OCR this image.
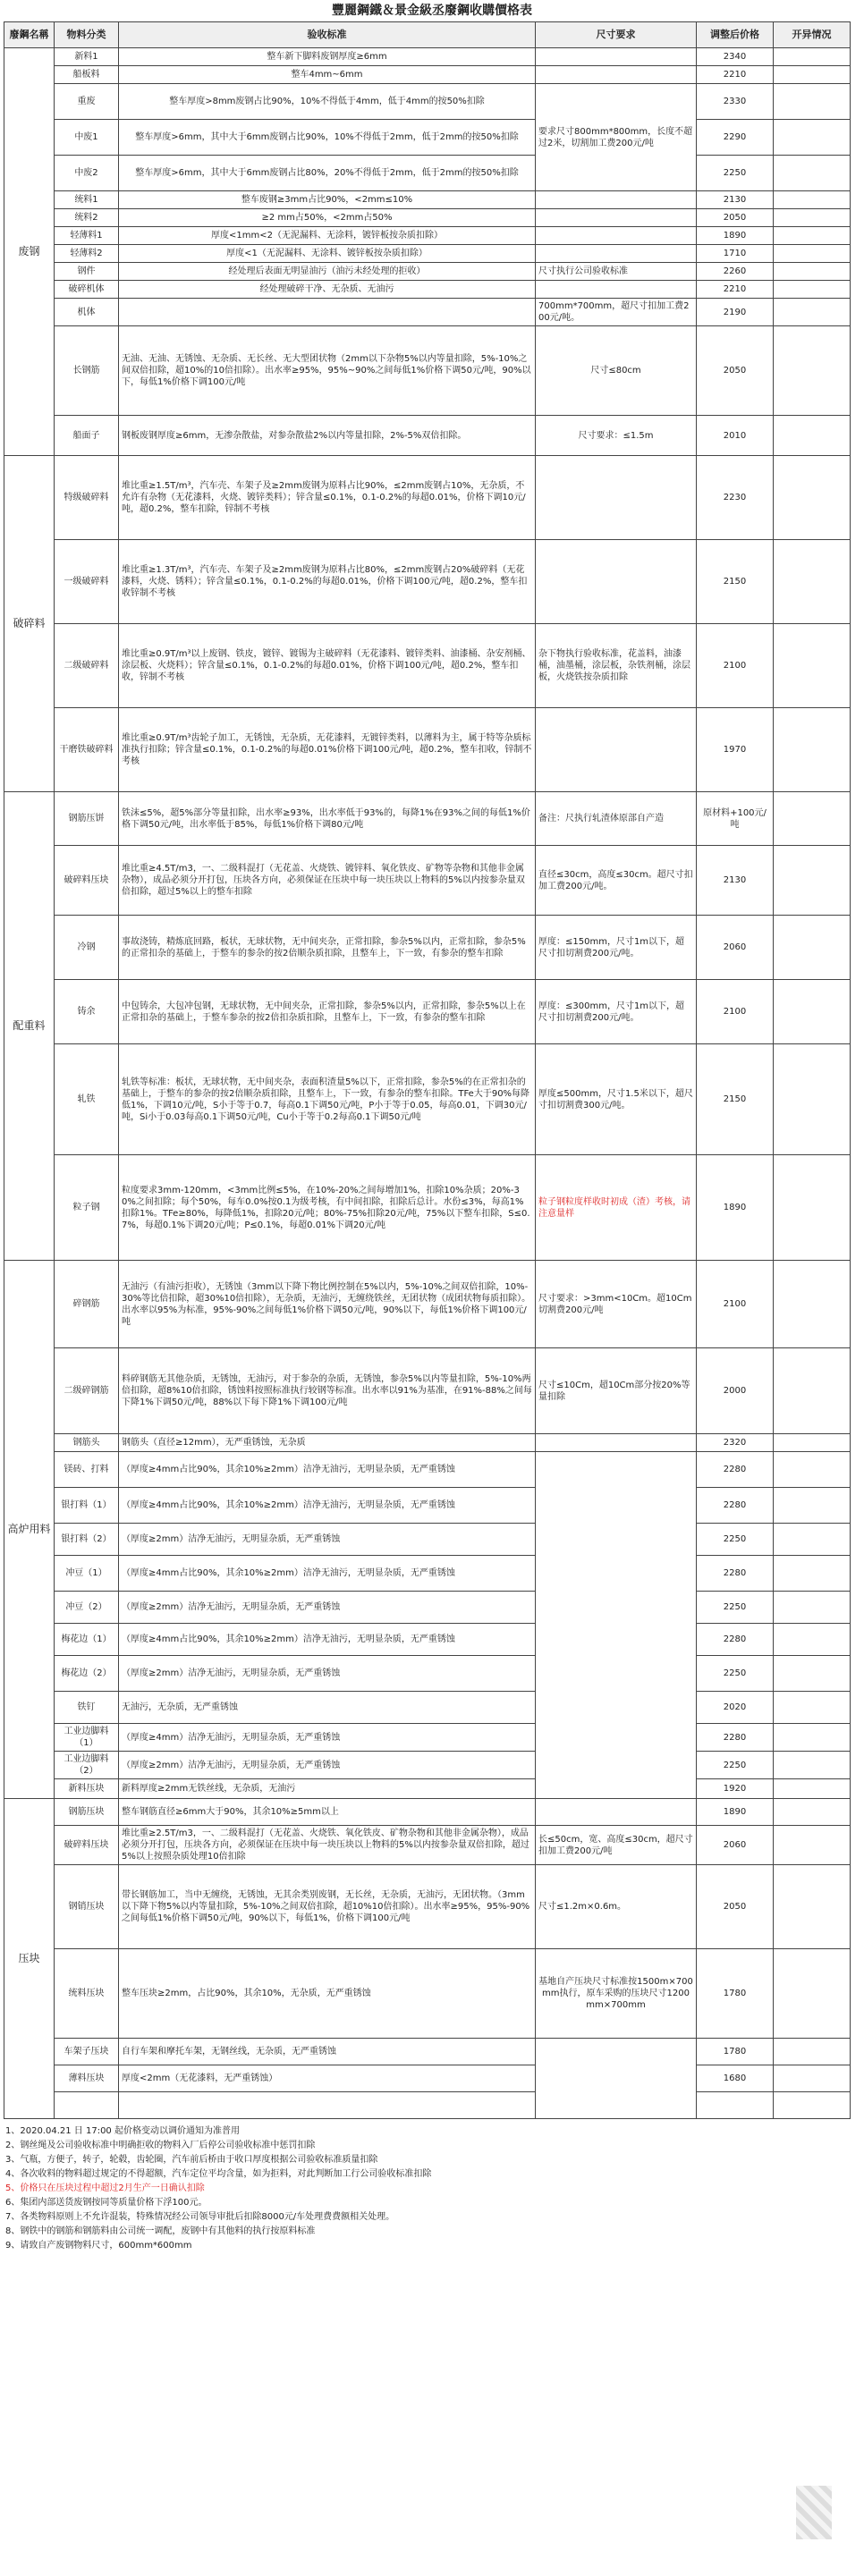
豐麗鋼鐵＆景金級丞廢鋼收購價格表
廢鋼名稱	物料分类	验收标准	尺寸要求	调整后价格	开异情况
废钢	新料1	整车新下脚料废钢厚度≥6mm		2340	
	船板料	整车4mm~6mm		2210	
	重废	整车厚度>8mm废钢占比90%，10%不得低于4mm，低于4mm的按50%扣除	要求尺寸800mm*800mm，长度不超过2米，切割加工费200元/吨	2330	
	中废1	整车厚度>6mm，其中大于6mm废钢占比90%，10%不得低于2mm，低于2mm的按50%扣除		2290	
	中废2	整车厚度>6mm，其中大于6mm废钢占比80%，20%不得低于2mm，低于2mm的按50%扣除		2250	
	统料1	整车废钢≥3mm占比90%，<2mm≤10%		2130	
	统料2	≥2 mm占50%，<2mm占50%		2050	
	轻薄料1	厚度<1mm<2（无泥漏料、无涂料，镀锌板按杂质扣除）		1890	
	轻薄料2	厚度<1（无泥漏料、无涂料、镀锌板按杂质扣除）		1710	
	钢件	经处理后表面无明显油污（油污未经处理的拒收）	尺寸执行公司验收标准	2260	
	破碎机体	经处理破碎干净、无杂质、无油污		2210	
	机体		700mm*700mm，超尺寸扣加工费200元/吨。	2190	
	长钢筋	无油、无油、无锈蚀、无杂质、无长丝、无大型团状物（2mm以下杂物5%以内等量扣除，5%-10%之间双倍扣除，超10%的10倍扣除）。出水率≥95%，95%~90%之间每低1%价格下调50元/吨，90%以下，每低1%价格下调100元/吨	尺寸≤80cm	2050	
	船面子	钢板废钢厚度≥6mm，无渗杂散盐，对参杂散盐2%以内等量扣除，2%-5%双倍扣除。	尺寸要求：≤1.5m	2010	
破碎料	特级破碎料	堆比重≥1.5T/m³，汽车壳、车架子及≥2mm废钢为原料占比90%，≤2mm废钢占10%，无杂质，不允许有杂物（无花漆料，火烧、镀锌类料）；锌含量≤0.1%，0.1-0.2%的每超0.01%，价格下调10元/吨，超0.2%，整车扣除，锌制不考核		2230	
	一级破碎料	堆比重≥1.3T/m³，汽车壳、车架子及≥2mm废钢为原料占比80%，≤2mm废钢占20%破碎料（无花漆料，火烧、锈料）；锌含量≤0.1%，0.1-0.2%的每超0.01%，价格下调100元/吨，超0.2%，整车扣收锌制不考核		2150	
	二级破碎料	堆比重≥0.9T/m³以上废钢、铁皮，镀锌、镀锡为主破碎料（无花漆料、镀锌类料、油漆桶、杂安剂桶、涂层板、火烧料）；锌含量≤0.1%，0.1-0.2%的每超0.01%，价格下调100元/吨，超0.2%，整车扣收，锌制不考核	杂下物执行验收标准，花盖料，油漆桶，油墨桶，涂层板，杂铁剂桶，涂层板，火烧铁按杂质扣除	2100	
	干磨铁破碎料	堆比重≥0.9T/m³齿轮子加工，无锈蚀，无杂质，无花漆料，无镀锌类料，以薄料为主，属于特等杂质标准执行扣除；锌含量≤0.1%，0.1-0.2%的每超0.01%价格下调100元/吨，超0.2%，整车扣收，锌制不考核		1970	
配重料	钢筋压饼	铁沫≤5%，超5%部分等量扣除，出水率≥93%，出水率低于93%的，每降1%在93%之间的每低1%价格下调50元/吨，出水率低于85%，每低1%价格下调80元/吨	备注：尺执行轧渣体原部自产造	原材料+100元/吨	
	破碎料压块	堆比重≥4.5T/m3，一、二级料混打（无花盖、火烧铁、镀锌料、氧化铁皮、矿物等杂物和其他非金属杂物），成品必须分开打包，压块各方向，必须保证在压块中每一块压块以上物料的5%以内按参杂量双倍扣除，超过5%以上的整车扣除	直径≤30cm，高度≤30cm。超尺寸扣加工费200元/吨。	2130	
	冷钢	事故浇铸，精炼底回路，板状，无球状物，无中间夹杂，正常扣除，参杂5%以内，正常扣除，参杂5%的正常扣杂的基础上，于整车的参杂的按2倍顺杂质扣除，且整车上，下一致，有参杂的整车扣除	厚度：≤150mm，尺寸1m以下，超尺寸扣切割费200元/吨。	2060	
	铸余	中包铸余，大包冲包钢，无球状物，无中间夹杂，正常扣除，参杂5%以内，正常扣除，参杂5%以上在正常扣杂的基础上，于整车参杂的按2倍扣杂质扣除，且整车上，下一致，有参杂的整车扣除	厚度：≤300mm，尺寸1m以下，超尺寸扣切割费200元/吨。	2100	
	轧铁	轧铁等标准：板状，无球状物，无中间夹杂，表面积渣量5%以下，正常扣除，参杂5%的在正常扣杂的基础上，于整车的参杂的按2倍顺杂质扣除，且整车上，下一致，有参杂的整车扣除。TFe大于90%每降低1%，下调10元/吨，S小于等于0.7，每高0.1下调50元/吨，P小于等于0.05，每高0.01，下调30元/吨，Si小于0.03每高0.1下调50元/吨，Cu小于等于0.2每高0.1下调50元/吨	厚度≤500mm，尺寸1.5米以下，超尺寸扣切割费300元/吨。	2150	
	粒子钢	粒度要求3mm-120mm，<3mm比例≤5%，在10%-20%之间每增加1%，扣除10%杂质；20%-30%之间扣除；每个50%，每车0.0%按0.1为级考核，有中间扣除，扣除后总计。水份≤3%，每高1%扣除1%。TFe≥80%，每降低1%，扣除20元/吨；80%-75%扣除20元/吨，75%以下整车扣除，S≤0.7%，每超0.1%下调20元/吨；P≤0.1%，每超0.01%下调20元/吨	粒子钢粒度样收时初成（渣）考核，请注意量样	1890	
高炉用料	碎钢筋	无油污（有油污拒收），无锈蚀（3mm以下降下物比例控制在5%以内，5%-10%之间双倍扣除，10%-30%等比倍扣除，超30%10倍扣除），无杂质，无油污，无缠绕铁丝，无团状物（成团状物每质扣除）。出水率以95%为标准，95%-90%之间每低1%价格下调50元/吨，90%以下，每低1%价格下调100元/吨	尺寸要求：>3mm<10Cm。超10Cm切割费200元/吨	2100	
	二级碎钢筋	料碎钢筋无其他杂质，无锈蚀，无油污，对于参杂的杂质，无锈蚀，参杂5%以内等量扣除，5%-10%两倍扣除，超8%10倍扣除，锈蚀料按照标准执行较钢等标准。出水率以91%为基准，在91%-88%之间每下降1%下调50元/吨，88%以下每下降1%下调100元/吨	尺寸≤10Cm，超10Cm部分按20%等量扣除	2000	
	钢筋头	钢筋头（直径≥12mm），无严重锈蚀，无杂质		2320	
	镁砖、打料	（厚度≥4mm占比90%，其余10%≥2mm）洁净无油污，无明显杂质，无严重锈蚀		2280	
	银打料（1）	（厚度≥4mm占比90%，其余10%≥2mm）洁净无油污，无明显杂质，无严重锈蚀		2280	
	银打料（2）	（厚度≥2mm）洁净无油污，无明显杂质，无严重锈蚀		2250	
	冲豆（1）	（厚度≥4mm占比90%，其余10%≥2mm）洁净无油污，无明显杂质，无严重锈蚀		2280	
	冲豆（2）	（厚度≥2mm）洁净无油污，无明显杂质，无严重锈蚀		2250	
	梅花边（1）	（厚度≥4mm占比90%，其余10%≥2mm）洁净无油污，无明显杂质，无严重锈蚀		2280	
	梅花边（2）	（厚度≥2mm）洁净无油污，无明显杂质，无严重锈蚀		2250	
	铁钉	无油污，无杂质，无严重锈蚀		2020	
	工业边脚料（1）	（厚度≥4mm）洁净无油污，无明显杂质，无严重锈蚀		2280	
	工业边脚料（2）	（厚度≥2mm）洁净无油污，无明显杂质，无严重锈蚀		2250	
	新料压块	新料厚度≥2mm无铁丝线，无杂质，无油污		1920	
压块	钢筋压块	整车钢筋直径≥6mm大于90%，其余10%≥5mm以上		1890	
	破碎料压块	堆比重≥2.5T/m3，一、二级料混打（无花盖、火烧铁、氧化铁皮、矿物杂物和其他非金属杂物），成品必须分开打包，压块各方向，必须保证在压块中每一块压块以上物料的5%以内按参杂量双倍扣除，超过5%以上按照杂质处理10倍扣除	长≤50cm，宽、高度≤30cm，超尺寸扣加工费200元/吨	2060	
	钢销压块	带长钢筋加工，当中无缠绕，无锈蚀，无其余类别废钢，无长丝，无杂质，无油污，无团状物。（3mm以下降下物5%以内等量扣除，5%-10%之间双倍扣除，超10%10倍扣除）。出水率≥95%，95%-90%之间每低1%价格下调50元/吨，90%以下，每低1%，价格下调100元/吨	尺寸≤1.2m×0.6m。	2050	
	统料压块	整车压块≥2mm，占比90%，其余10%，无杂质，无严重锈蚀	基地自产压块尺寸标准按1500m×700mm执行，原车采购的压块尺寸1200mm×700mm	1780	
	车架子压块	自行车架和摩托车架，无钢丝线，无杂质，无严重锈蚀		1780	
	薄料压块	厚度<2mm（无花漆料，无严重锈蚀）		1680	

1、2020.04.21 日 17:00 起价格变动以调价通知为准普用
2、钢丝绳及公司验收标准中明确拒收的物料入厂后停公司验收标准中惩罚扣除
3、气瓶，方便子，转子，轮毂，齿轮圈，汽车前后桥由于收口厚度根据公司验收标准质量扣除
4、各次收料的物料超过规定的不得超额，汽车定位平均含量，如为拒料，对此判断加工行公司验收标准扣除
5、价格只在压块过程中超过2月生产一日确认扣除
6、集团内部送货废钢按同等质量价格下浮100元。
7、各类物料原则上不允许混装，特殊情况经公司领导审批后扣除8000元/车处理费费额相关处理。
8、钢铁中的钢筋和钢筋料由公司统一调配，废钢中有其他料的执行按原料标准
9、请致自产废钢物料尺寸，600mm*600mm
